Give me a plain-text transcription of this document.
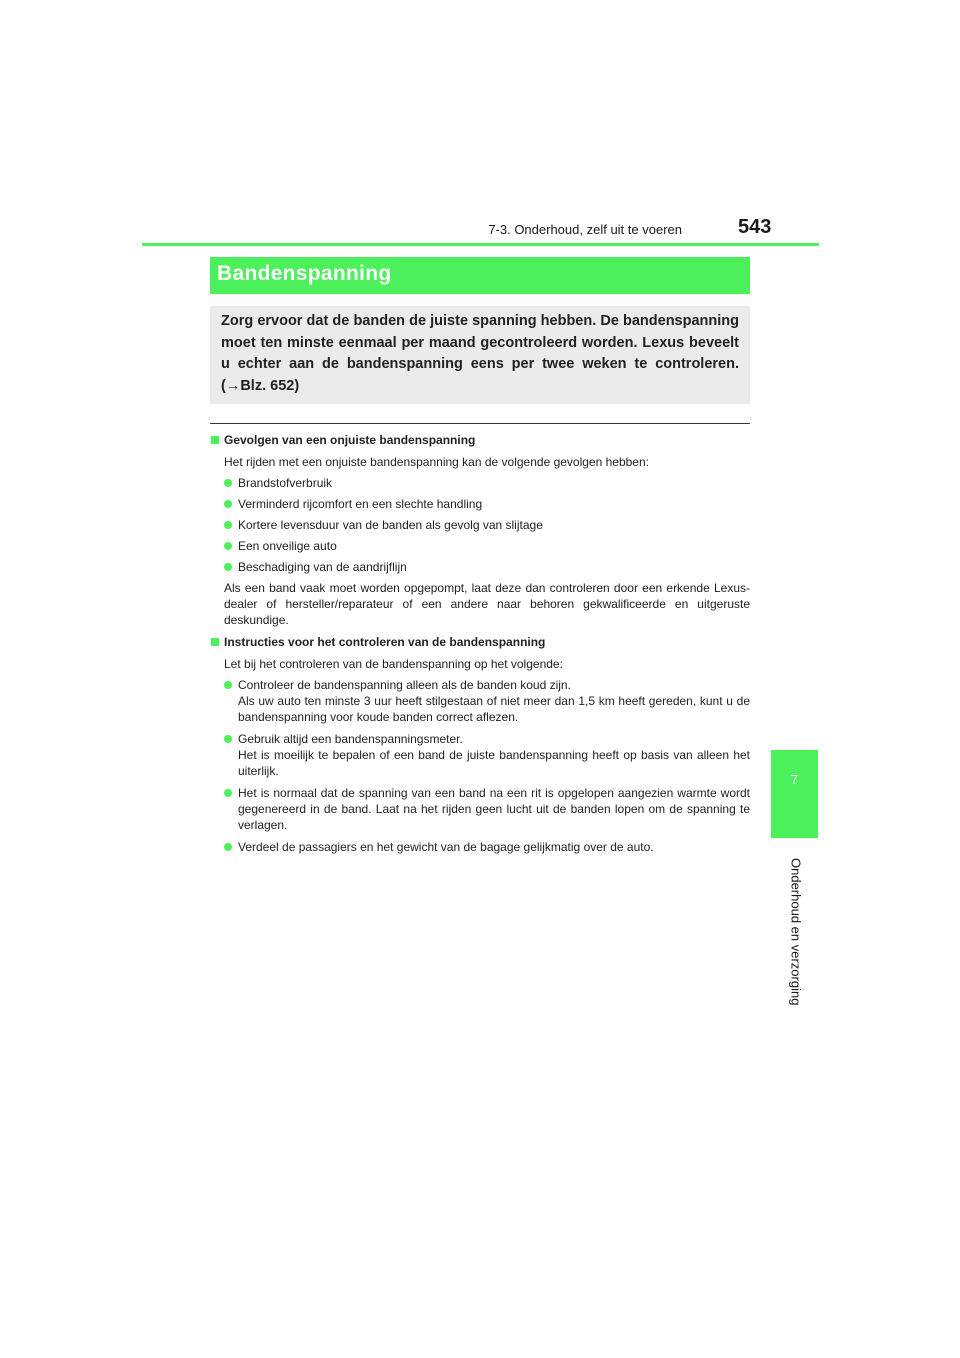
7-3. Onderhoud, zelf uit te voeren	543
7
Onderhoud en verzorging
Bandenspanning
Zorg ervoor dat de banden de juiste spanning hebben. De bandenspanning moet ten minste eenmaal per maand gecontroleerd worden. Lexus beveelt u echter aan de bandenspanning eens per twee weken te controleren. (→Blz. 652)
Gevolgen van een onjuiste bandenspanning
Het rijden met een onjuiste bandenspanning kan de volgende gevolgen hebben:
Brandstofverbruik
Verminderd rijcomfort en een slechte handling
Kortere levensduur van de banden als gevolg van slijtage
Een onveilige auto
Beschadiging van de aandrijflijn
Als een band vaak moet worden opgepompt, laat deze dan controleren door een erkende Lexus-dealer of hersteller/reparateur of een andere naar behoren gekwalificeerde en uitgeruste deskundige.
Instructies voor het controleren van de bandenspanning
Let bij het controleren van de bandenspanning op het volgende:
Controleer de bandenspanning alleen als de banden koud zijn.
Als uw auto ten minste 3 uur heeft stilgestaan of niet meer dan 1,5 km heeft gereden, kunt u de bandenspanning voor koude banden correct aflezen.
Gebruik altijd een bandenspanningsmeter.
Het is moeilijk te bepalen of een band de juiste bandenspanning heeft op basis van alleen het uiterlijk.
Het is normaal dat de spanning van een band na een rit is opgelopen aangezien warmte wordt gegenereerd in de band. Laat na het rijden geen lucht uit de banden lopen om de spanning te verlagen.
Verdeel de passagiers en het gewicht van de bagage gelijkmatig over de auto.
